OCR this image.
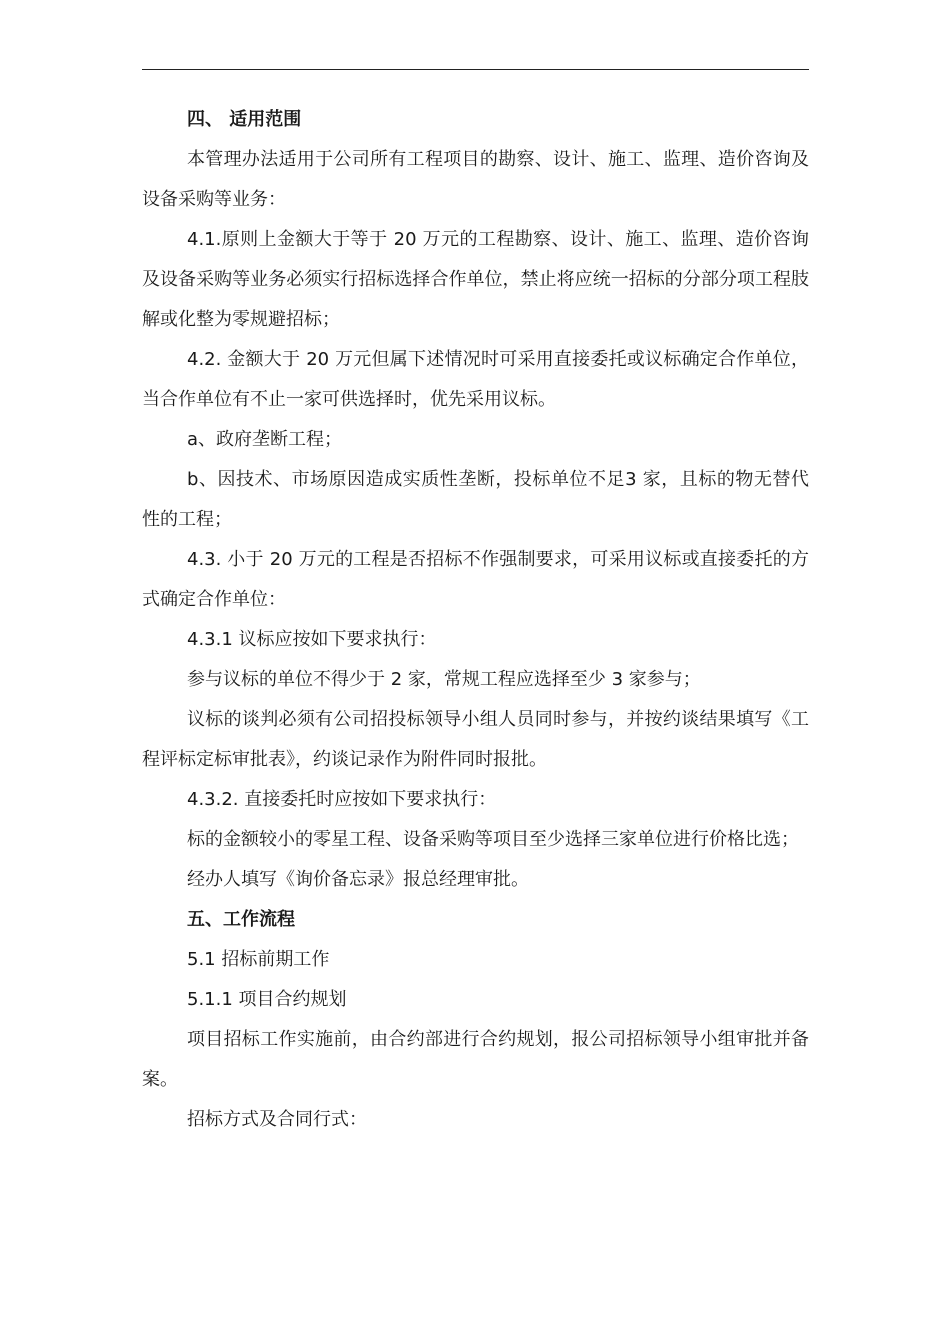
四、 适用范围

本管理办法适用于公司所有工程项目的勘察、设计、施工、监理、造价咨询及设备采购等业务：

4.1.原则上金额大于等于 20 万元的工程勘察、设计、施工、监理、造价咨询及设备采购等业务必须实行招标选择合作单位，禁止将应统一招标的分部分项工程肢解或化整为零规避招标；

4.2. 金额大于 20 万元但属下述情况时可采用直接委托或议标确定合作单位，当合作单位有不止一家可供选择时，优先采用议标。

a、政府垄断工程；

b、因技术、市场原因造成实质性垄断，投标单位不足3 家，且标的物无替代性的工程；

4.3. 小于 20 万元的工程是否招标不作强制要求，可采用议标或直接委托的方式确定合作单位：

4.3.1 议标应按如下要求执行：

参与议标的单位不得少于 2 家，常规工程应选择至少 3 家参与；

议标的谈判必须有公司招投标领导小组人员同时参与，并按约谈结果填写《工程评标定标审批表》，约谈记录作为附件同时报批。

4.3.2. 直接委托时应按如下要求执行：

标的金额较小的零星工程、设备采购等项目至少选择三家单位进行价格比选；

经办人填写《询价备忘录》报总经理审批。

五、工作流程

5.1 招标前期工作

5.1.1 项目合约规划

项目招标工作实施前，由合约部进行合约规划，报公司招标领导小组审批并备案。

招标方式及合同行式：
